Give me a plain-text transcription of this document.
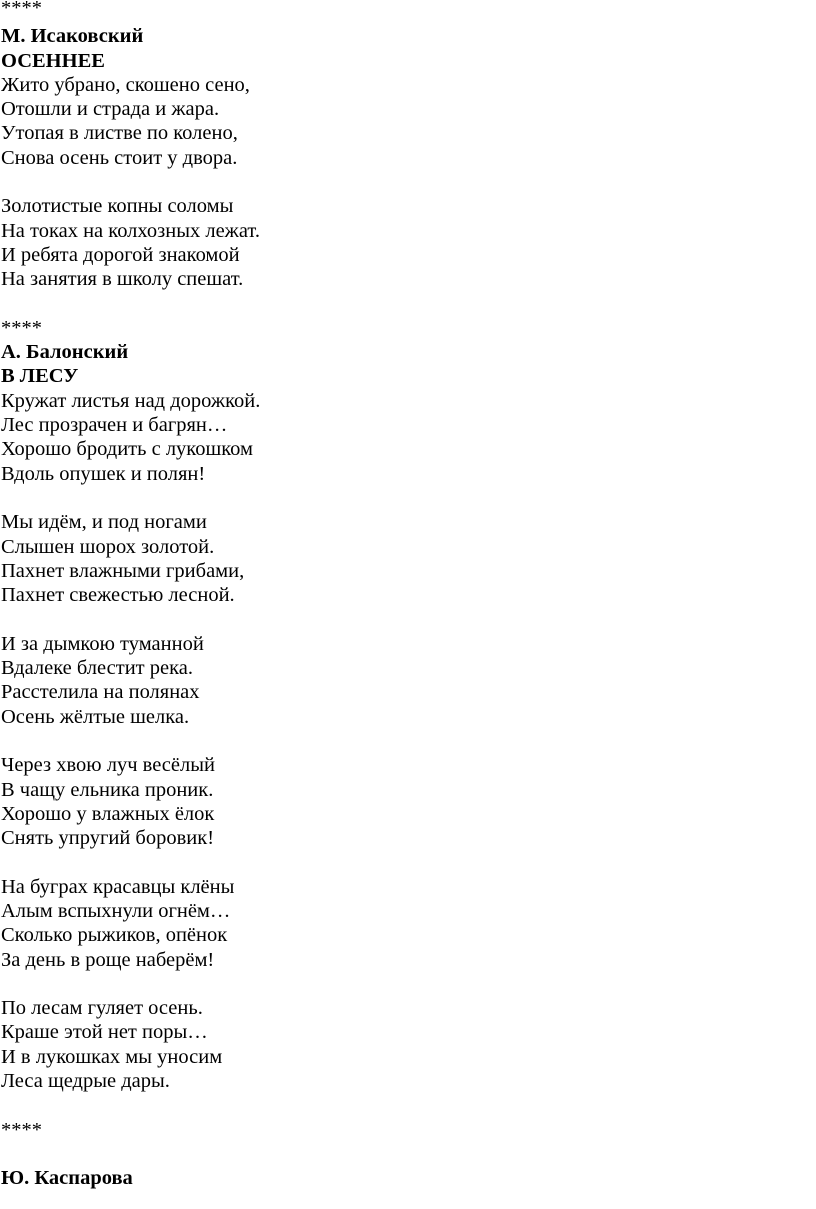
****
М. Исаковский
ОСЕННЕЕ
Жито убрано, скошено сено,
Отошли и страда и жара.
Утопая в листве по колено,
Снова осень стоит у двора.
Золотистые копны соломы
На токах на колхозных лежат.
И ребята дорогой знакомой
На занятия в школу спешат.
****
А. Балонский
В ЛЕСУ
Кружат листья над дорожкой.
Лес прозрачен и багрян…
Хорошо бродить с лукошком
Вдоль опушек и полян!
Мы идём, и под ногами
Слышен шорох золотой.
Пахнет влажными грибами,
Пахнет свежестью лесной.
И за дымкою туманной
Вдалеке блестит река.
Расстелила на полянах
Осень жёлтые шелка.
Через хвою луч весёлый
В чащу ельника проник.
Хорошо у влажных ёлок
Снять упругий боровик!
На буграх красавцы клёны
Алым вспыхнули огнём…
Сколько рыжиков, опёнок
За день в роще наберём!
По лесам гуляет осень.
Краше этой нет поры…
И в лукошках мы уносим
Леса щедрые дары.
****
Ю. Каспарова
